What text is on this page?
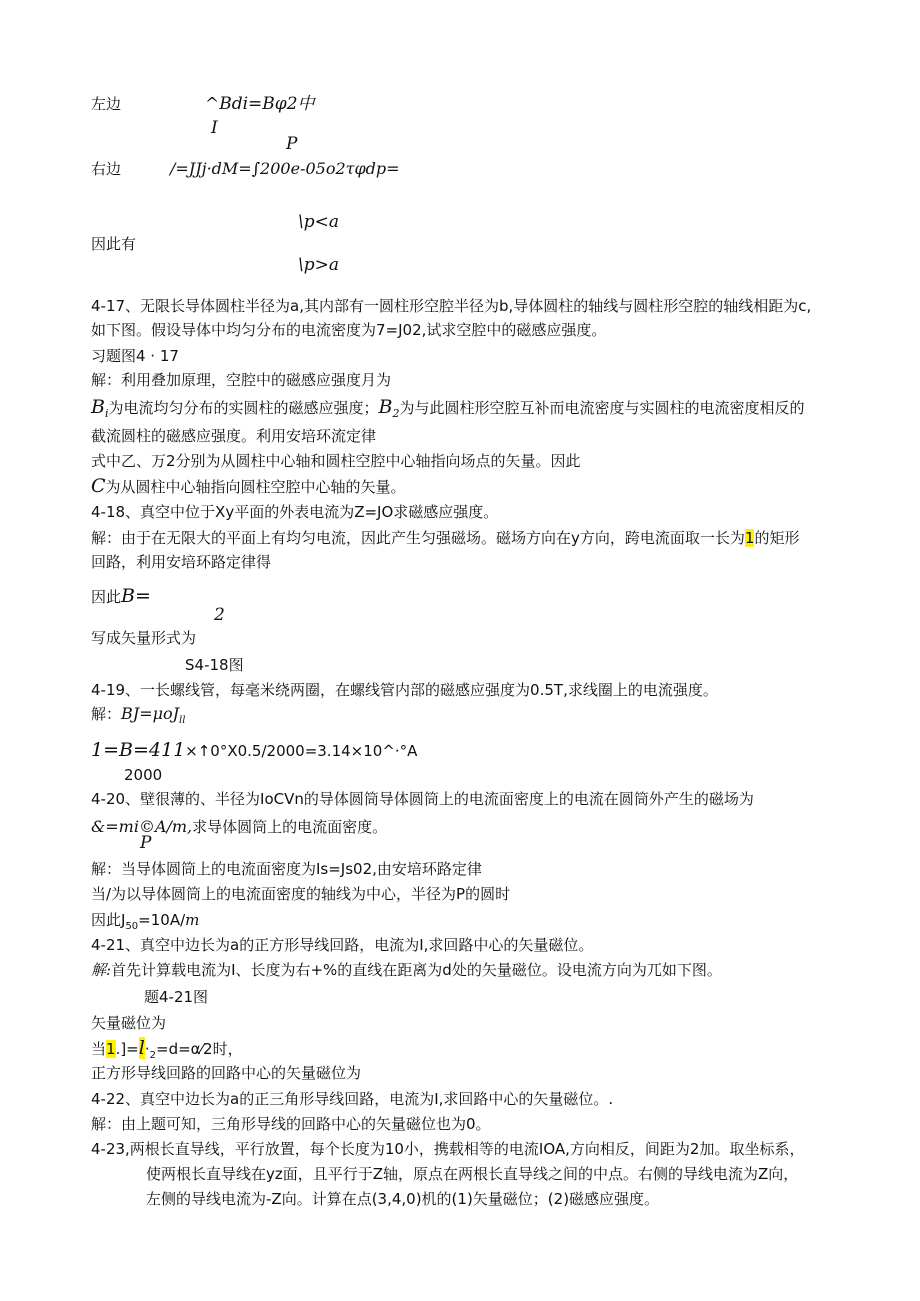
左边	^Bdi=Bφ2中
I
P
右边	/=JJj·dM=∫200e-05o2τφdp=
\p<a
因此有
\p>a
4-17、无限长导体圆柱半径为a,其内部有一圆柱形空腔半径为b,导体圆柱的轴线与圆柱形空腔的轴线相距为c,
如下图。假设导体中均匀分布的电流密度为7=J02,试求空腔中的磁感应强度。
习题图4 · 17
解：利用叠加原理，空腔中的磁感应强度月为
$B_i$为电流均匀分布的实圆柱的磁感应强度；$B_2$为与此圆柱形空腔互补而电流密度与实圆柱的电流密度相反的
截流圆柱的磁感应强度。利用安培环流定律
式中乙、万2分别为从圆柱中心轴和圆柱空腔中心轴指向场点的矢量。因此
C为从圆柱中心轴指向圆柱空腔中心轴的矢量。
4-18、真空中位于Xy平面的外表电流为Z=JO求磁感应强度。
解：由于在无限大的平面上有均匀电流，因此产生匀强磁场。磁场方向在y方向，跨电流面取一长为1的矩形
回路，利用安培环路定律得
因此B=
2
写成矢量形式为
S4-18图
4-19、一长螺线管，每毫米绕两圈，在螺线管内部的磁感应强度为0.5T,求线圈上的电流强度。
解：BJ=μoJ$_{ll}$
1=B=411×↑0°X0.5/2000=3.14×10^·°A
2000
4-20、壁很薄的、半径为IoCVn的导体圆筒导体圆筒上的电流面密度上的电流在圆筒外产生的磁场为
&=mi©A/m,求导体圆筒上的电流面密度。
P
解：当导体圆筒上的电流面密度为Is=Js02,由安培环路定律
当/为以导体圆筒上的电流面密度的轴线为中心，半径为P的圆时
因此$J_{50}=10A/m$
4-21、真空中边长为a的正方形导线回路，电流为I,求回路中心的矢量磁位。
解:首先计算载电流为I、长度为右+%的直线在距离为d处的矢量磁位。设电流方向为兀如下图。
题4-21图
矢量磁位为
当$1.]=l\cdot_2=d=\alpha⁄2$时，
正方形导线回路的回路中心的矢量磁位为
4-22、真空中边长为a的正三角形导线回路，电流为I,求回路中心的矢量磁位。.
解：由上题可知，三角形导线的回路中心的矢量磁位也为0。
4-23,两根长直导线，平行放置，每个长度为10小，携载相等的电流IOA,方向相反，间距为2加。取坐标系，
使两根长直导线在yz面，且平行于Z轴，原点在两根长直导线之间的中点。右侧的导线电流为Z向，
左侧的导线电流为-Z向。计算在点(3,4,0)机的(1)矢量磁位；(2)磁感应强度。
